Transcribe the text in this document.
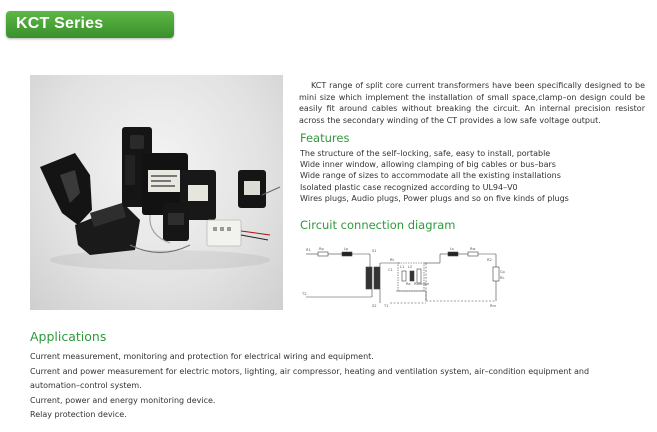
KCT Series

KCT range of split core current transformers have been specifically designed to be mini size which implement the installation of small space,clamp–on design could be easily fit around cables without breaking the circuit. An internal precision resistor across the secondary winding of the CT provides a low safe voltage output.

Features
The structure of the self–locking, safe, easy to install, portable
Wide inner window, allowing clamping of big cables or bus–bars
Wide range of sizes to accommodate all the existing installations
Isolated plastic case recognized according to UL94–V0
Wires plugs, Audio plugs, Power plugs and so on five kinds of plugs
Circuit connection diagram
R1 Rp	Lp	S1
S2
Rt
L1 L2
C1
Rburden
Ls	Rw
R2
Cp
RL
T2
T1	Rm
Ra
Applications
Current measurement, monitoring and protection for electrical wiring and equipment.
Current and power measurement for electric motors, lighting, air compressor, heating and ventilation system, air–condition equipment and
automation–control system.
Current, power and energy monitoring device.
Relay protection device.
